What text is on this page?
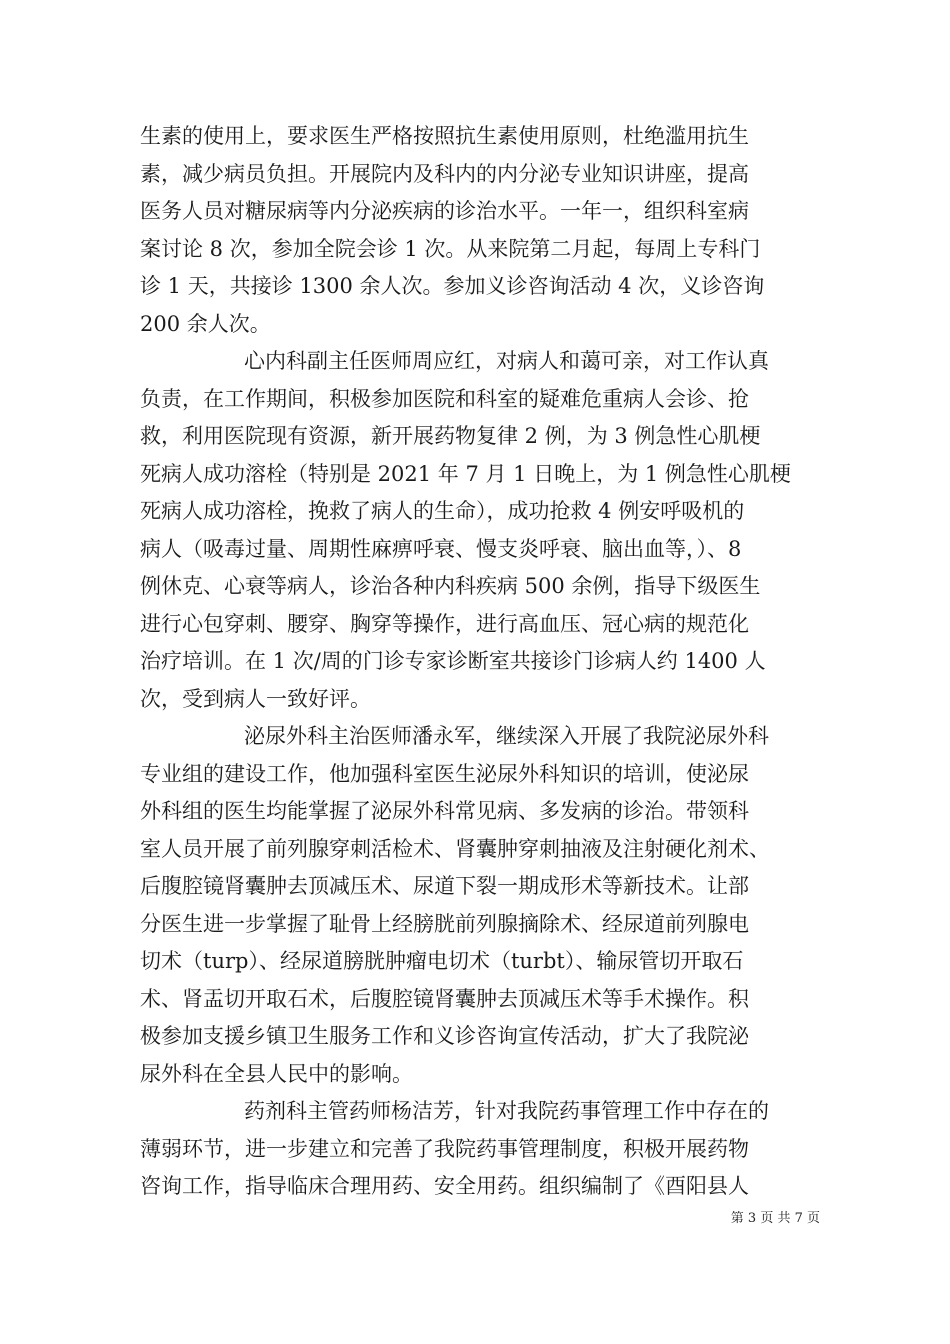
生素的使用上，要求医生严格按照抗生素使用原则，杜绝滥用抗生
素，减少病员负担。开展院内及科内的内分泌专业知识讲座，提高
医务人员对糖尿病等内分泌疾病的诊治水平。一年一，组织科室病
案讨论 8 次，参加全院会诊 1 次。从来院第二月起，每周上专科门
诊 1 天，共接诊 1300 余人次。参加义诊咨询活动 4 次，义诊咨询
200 余人次。
心内科副主任医师周应红，对病人和蔼可亲，对工作认真
负责，在工作期间，积极参加医院和科室的疑难危重病人会诊、抢
救，利用医院现有资源，新开展药物复律 2 例，为 3 例急性心肌梗
死病人成功溶栓（特别是 2021 年 7 月 1 日晚上，为 1 例急性心肌梗
死病人成功溶栓，挽救了病人的生命），成功抢救 4 例安呼吸机的
病人（吸毒过量、周期性麻痹呼衰、慢支炎呼衰、脑出血等，）、8
例休克、心衰等病人，诊治各种内科疾病 500 余例，指导下级医生
进行心包穿刺、腰穿、胸穿等操作，进行高血压、冠心病的规范化
治疗培训。在 1 次/周的门诊专家诊断室共接诊门诊病人约 1400 人
次，受到病人一致好评。
泌尿外科主治医师潘永军，继续深入开展了我院泌尿外科
专业组的建设工作，他加强科室医生泌尿外科知识的培训，使泌尿
外科组的医生均能掌握了泌尿外科常见病、多发病的诊治。带领科
室人员开展了前列腺穿刺活检术、肾囊肿穿刺抽液及注射硬化剂术、
后腹腔镜肾囊肿去顶减压术、尿道下裂一期成形术等新技术。让部
分医生进一步掌握了耻骨上经膀胱前列腺摘除术、经尿道前列腺电
切术（turp）、经尿道膀胱肿瘤电切术（turbt）、输尿管切开取石
术、肾盂切开取石术，后腹腔镜肾囊肿去顶减压术等手术操作。积
极参加支援乡镇卫生服务工作和义诊咨询宣传活动，扩大了我院泌
尿外科在全县人民中的影响。
药剂科主管药师杨洁芳，针对我院药事管理工作中存在的
薄弱环节，进一步建立和完善了我院药事管理制度，积极开展药物
咨询工作，指导临床合理用药、安全用药。组织编制了《酉阳县人
第 3 页 共 7 页
